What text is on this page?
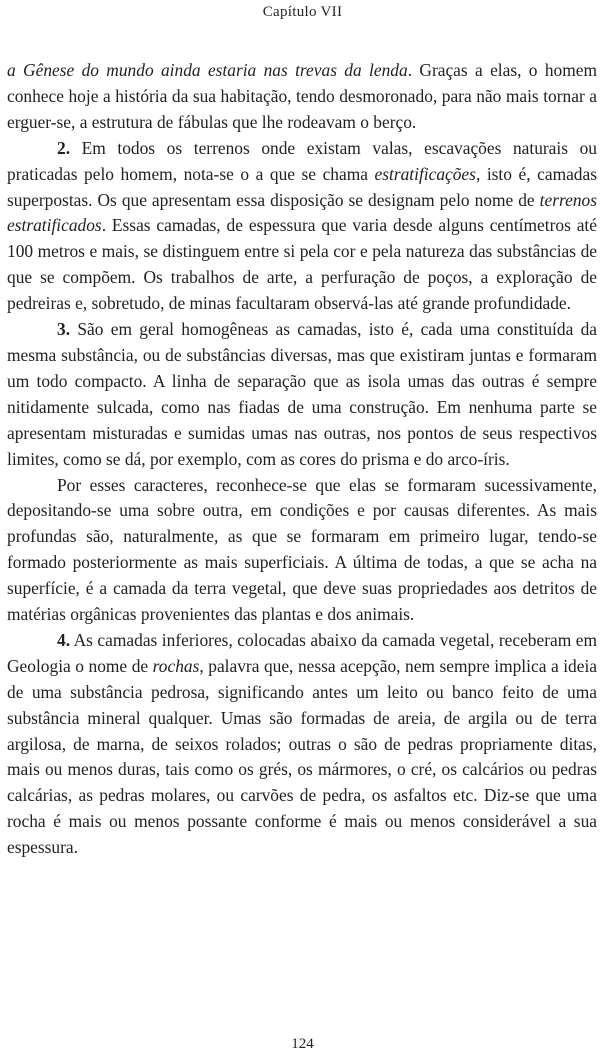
Capítulo VII

a Gênese do mundo ainda estaria nas trevas da lenda. Graças a elas, o homem conhece hoje a história da sua habitação, tendo desmoronado, para não mais tornar a erguer-se, a estrutura de fábulas que lhe rodeavam o berço.

2. Em todos os terrenos onde existam valas, escavações naturais ou praticadas pelo homem, nota-se o a que se chama estratificações, isto é, camadas superpostas. Os que apresentam essa disposição se designam pelo nome de terrenos estratificados. Essas camadas, de espessura que varia desde alguns centímetros até 100 metros e mais, se distinguem entre si pela cor e pela natureza das substâncias de que se compõem. Os trabalhos de arte, a perfuração de poços, a exploração de pedreiras e, sobretudo, de minas facultaram observá-las até grande profundidade.

3. São em geral homogêneas as camadas, isto é, cada uma constituída da mesma substância, ou de substâncias diversas, mas que existiram juntas e formaram um todo compacto. A linha de separação que as isola umas das outras é sempre nitidamente sulcada, como nas fiadas de uma construção. Em nenhuma parte se apresentam misturadas e sumidas umas nas outras, nos pontos de seus respectivos limites, como se dá, por exemplo, com as cores do prisma e do arco-íris.

Por esses caracteres, reconhece-se que elas se formaram sucessivamente, depositando-se uma sobre outra, em condições e por causas diferentes. As mais profundas são, naturalmente, as que se formaram em primeiro lugar, tendo-se formado posteriormente as mais superficiais. A última de todas, a que se acha na superfície, é a camada da terra vegetal, que deve suas propriedades aos detritos de matérias orgânicas provenientes das plantas e dos animais.

4. As camadas inferiores, colocadas abaixo da camada vegetal, receberam em Geologia o nome de rochas, palavra que, nessa acepção, nem sempre implica a ideia de uma substância pedrosa, significando antes um leito ou banco feito de uma substância mineral qualquer. Umas são formadas de areia, de argila ou de terra argilosa, de marna, de seixos rolados; outras o são de pedras propriamente ditas, mais ou menos duras, tais como os grés, os mármores, o cré, os calcários ou pedras calcárias, as pedras molares, ou carvões de pedra, os asfaltos etc. Diz-se que uma rocha é mais ou menos possante conforme é mais ou menos considerável a sua espessura.

124
